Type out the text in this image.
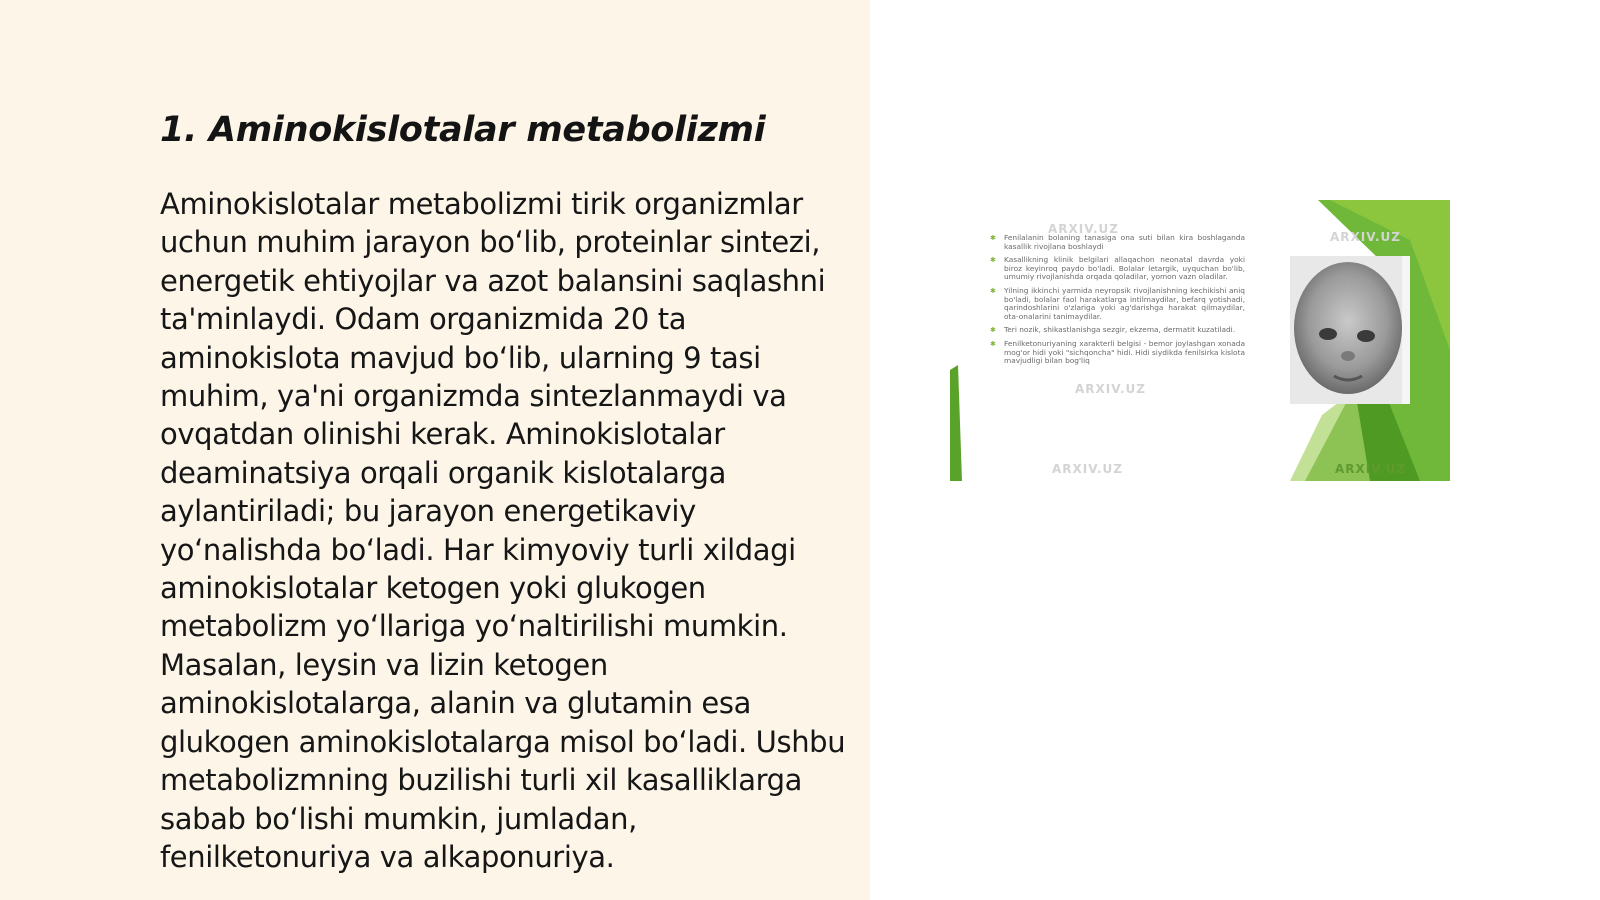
1. Aminokislotalar metabolizmi

Aminokislotalar metabolizmi tirik organizmlar uchun muhim jarayon bo‘lib, proteinlar sintezi, energetik ehtiyojlar va azot balansini saqlashni ta'minlaydi. Odam organizmida 20 ta aminokislota mavjud bo‘lib, ularning 9 tasi muhim, ya'ni organizmda sintezlanmaydi va ovqatdan olinishi kerak. Aminokislotalar deaminatsiya orqali organik kislotalarga aylantiriladi; bu jarayon energetikaviy yo‘nalishda bo‘ladi. Har kimyoviy turli xildagi aminokislotalar ketogen yoki glukogen metabolizm yo‘llariga yo‘naltirilishi mumkin. Masalan, leysin va lizin ketogen aminokislotalarga, alanin va glutamin esa glukogen aminokislotalarga misol bo‘ladi. Ushbu metabolizmning buzilishi turli xil kasalliklarga sabab bo‘lishi mumkin, jumladan, fenilketonuriya va alkaponuriya.

ARXIV.UZ
ARXIV.UZ
ARXIV.UZ
ARXIV.UZ	ARXIV.UZ
✱ Fenilalanin bolaning tanasiga ona suti bilan kira boshlaganda kasallik rivojlana boshlaydi
✱ Kasallikning klinik belgilari allaqachon neonatal davrda yoki biroz keyinroq paydo bo'ladi. Bolalar letargik, uyquchan bo'lib, umumiy rivojlanishda orqada qoladilar, yomon vazn oladilar.
✱ Yilning ikkinchi yarmida neyropsik rivojlanishning kechikishi aniq bo'ladi, bolalar faol harakatlarga intilmaydilar, befarq yotishadi, qarindoshlarini o'zlariga yoki ag'darishga harakat qilmaydilar, ota-onalarini tanimaydilar.
✱ Teri nozik, shikastlanishga sezgir, ekzema, dermatit kuzatiladi.
✱ Fenilketonuriyaning xarakterli belgisi - bemor joylashgan xonada mog'or hidi yoki "sichqoncha" hidi. Hidi siydikda fenilsirka kislota mavjudligi bilan bog'liq
